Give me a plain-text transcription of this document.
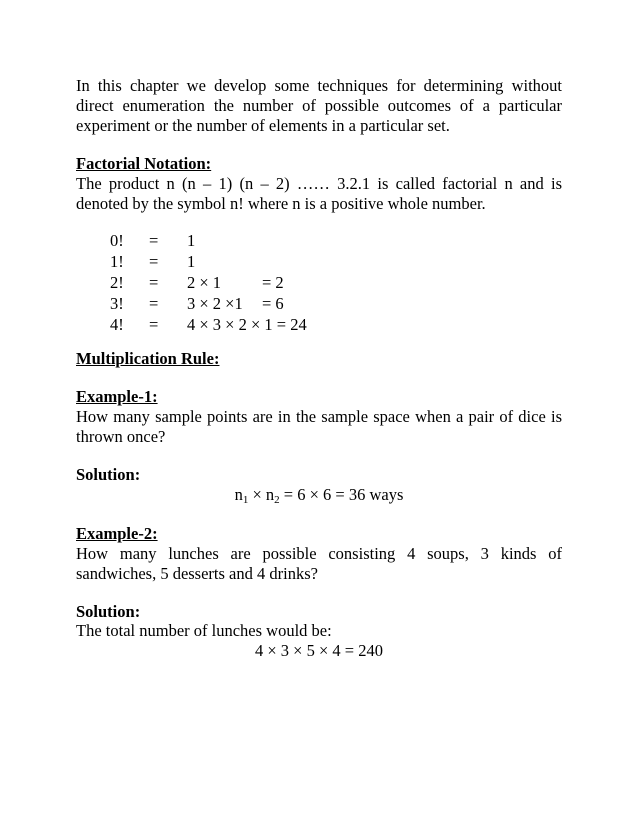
In this chapter we develop some techniques for determining without direct enumeration the number of possible outcomes of a particular experiment or the number of elements in a particular set.

Factorial Notation:

The product n (n – 1) (n – 2) …… 3.2.1 is called factorial n and is denoted by the symbol n! where n is a positive whole number.

0! = 1
1! = 1
2! = 2 × 1 = 2
3! = 3 × 2 ×1 = 6
4! = 4 × 3 × 2 × 1 = 24

Multiplication Rule:

Example-1:

How many sample points are in the sample space when a pair of dice is thrown once?

Solution:

$n_1 \times n_2 = 6 \times 6 = 36$ ways

Example-2:

How many lunches are possible consisting 4 soups, 3 kinds of sandwiches, 5 desserts and 4 drinks?

Solution:

The total number of lunches would be:

4 × 3 × 5 × 4 = 240
